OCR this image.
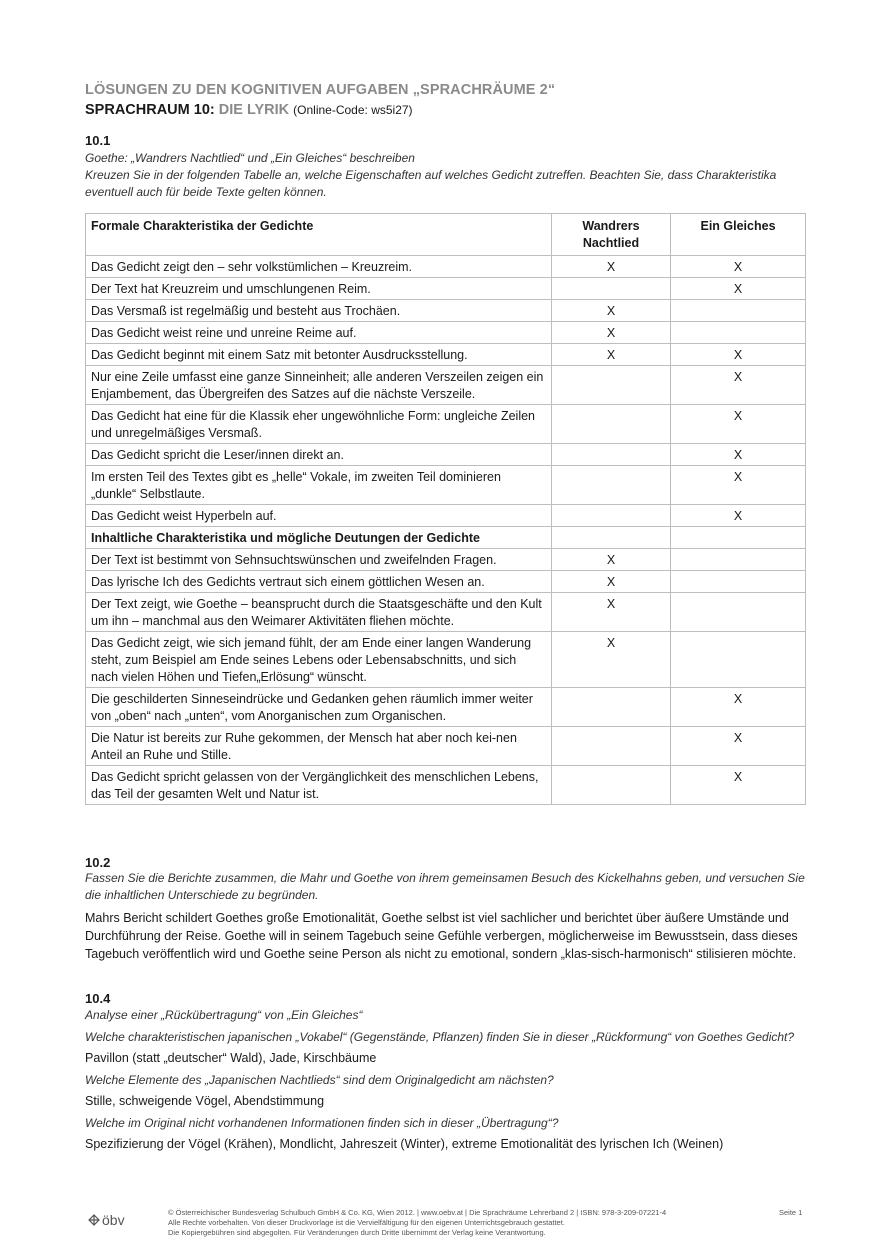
LÖSUNGEN ZU DEN KOGNITIVEN AUFGABEN „SPRACHRÄUME 2“
SPRACHRAUM 10: DIE LYRIK (Online-Code: ws5i27)
10.1
Goethe: „Wandrers Nachtlied“ und „Ein Gleiches“ beschreiben
Kreuzen Sie in der folgenden Tabelle an, welche Eigenschaften auf welches Gedicht zutreffen. Beachten Sie, dass Charakteristika eventuell auch für beide Texte gelten können.
Formale Charakteristika der Gedichte	Wandrers Nachtlied	Ein Gleiches
Das Gedicht zeigt den – sehr volkstümlichen – Kreuzreim.	X	X
Der Text hat Kreuzreim und umschlungenen Reim.		X
Das Versmaß ist regelmäßig und besteht aus Trochäen.	X	
Das Gedicht weist reine und unreine Reime auf.	X	
Das Gedicht beginnt mit einem Satz mit betonter Ausdrucksstellung.	X	X
Nur eine Zeile umfasst eine ganze Sinneinheit; alle anderen Verszeilen zeigen ein Enjambement, das Übergreifen des Satzes auf die nächste Verszeile.		X
Das Gedicht hat eine für die Klassik eher ungewöhnliche Form: ungleiche Zeilen und unregelmäßiges Versmaß.		X
Das Gedicht spricht die Leser/innen direkt an.		X
Im ersten Teil des Textes gibt es „helle“ Vokale, im zweiten Teil dominieren „dunkle“ Selbstlaute.		X
Das Gedicht weist Hyperbeln auf.		X
Inhaltliche Charakteristika und mögliche Deutungen der Gedichte		
Der Text ist bestimmt von Sehnsuchtswünschen und zweifelnden Fragen.	X	
Das lyrische Ich des Gedichts vertraut sich einem göttlichen Wesen an.	X	
Der Text zeigt, wie Goethe – beansprucht durch die Staatsgeschäfte und den Kult um ihn – manchmal aus den Weimarer Aktivitäten fliehen möchte.	X	
Das Gedicht zeigt, wie sich jemand fühlt, der am Ende einer langen Wanderung steht, zum Beispiel am Ende seines Lebens oder Lebensabschnitts, und sich nach vielen Höhen und Tiefen„Erlösung“ wünscht.	X	
Die geschilderten Sinneseindrücke und Gedanken gehen räumlich immer weiter von „oben“ nach „unten“, vom Anorganischen zum Organischen.		X
Die Natur ist bereits zur Ruhe gekommen, der Mensch hat aber noch kei-nen Anteil an Ruhe und Stille.		X
Das Gedicht spricht gelassen von der Vergänglichkeit des menschlichen Lebens, das Teil der gesamten Welt und Natur ist.		X
10.2
Fassen Sie die Berichte zusammen, die Mahr und Goethe von ihrem gemeinsamen Besuch des Kickelhahns geben, und versuchen Sie die inhaltlichen Unterschiede zu begründen.
Mahrs Bericht schildert Goethes große Emotionalität, Goethe selbst ist viel sachlicher und berichtet über äußere Umstände und Durchführung der Reise. Goethe will in seinem Tagebuch seine Gefühle verbergen, möglicherweise im Bewusstsein, dass dieses Tagebuch veröffentlich wird und Goethe seine Person als nicht zu emotional, sondern „klas-sisch-harmonisch“ stilisieren möchte.
10.4
Analyse einer „Rückübertragung“ von „Ein Gleiches“
Welche charakteristischen japanischen „Vokabel“ (Gegenstände, Pflanzen) finden Sie in dieser „Rückformung“ von Goethes Gedicht?
Pavillon (statt „deutscher“ Wald), Jade, Kirschbäume
Welche Elemente des „Japanischen Nachtlieds“ sind dem Originalgedicht am nächsten?
Stille, schweigende Vögel, Abendstimmung
Welche im Original nicht vorhandenen Informationen finden sich in dieser „Übertragung“?
Spezifizierung der Vögel (Krähen), Mondlicht, Jahreszeit (Winter), extreme Emotionalität des lyrischen Ich (Weinen)
öbv	© Österreichischer Bundesverlag Schulbuch GmbH & Co. KG, Wien 2012. | www.oebv.at | Die Sprachräume Lehrerband 2 | ISBN: 978-3-209-07221-4
Alle Rechte vorbehalten. Von dieser Druckvorlage ist die Vervielfältigung für den eigenen Unterrichtsgebrauch gestattet.
Die Kopiergebühren sind abgegolten. Für Veränderungen durch Dritte übernimmt der Verlag keine Verantwortung.
Seite 1
